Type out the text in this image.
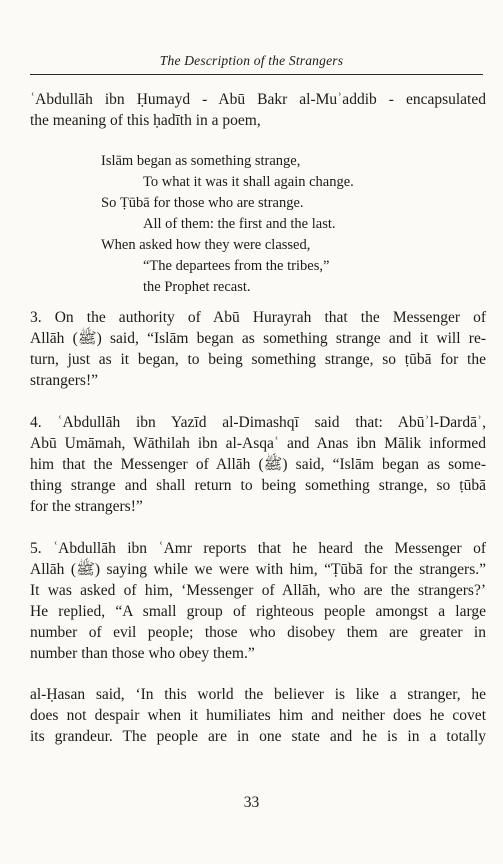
The Description of the Strangers
ʿAbdullāh ibn Ḥumayd - Abū Bakr al-Muʾaddib - encapsulated
the meaning of this ḥadīth in a poem,
Islām began as something strange,
To what it was it shall again change.
So Ṭūbā for those who are strange.
All of them: the first and the last.
When asked how they were classed,
“The departees from the tribes,”
the Prophet recast.
3. On the authority of Abū Hurayrah that the Messenger of
Allāh (ﷺ) said, “Islām began as something strange and it will re-
turn, just as it began, to being something strange, so ṭūbā for the
strangers!”
4. ʿAbdullāh ibn Yazīd al-Dimashqī said that: Abūʾl-Dardāʾ,
Abū Umāmah, Wāthilah ibn al-Asqaʿ and Anas ibn Mālik informed
him that the Messenger of Allāh (ﷺ) said, “Islām began as some-
thing strange and shall return to being something strange, so ṭūbā
for the strangers!”
5. ʿAbdullāh ibn ʿAmr reports that he heard the Messenger of
Allāh (ﷺ) saying while we were with him, “Ṭūbā for the strangers.”
It was asked of him, ‘Messenger of Allāh, who are the strangers?’
He replied, “A small group of righteous people amongst a large
number of evil people; those who disobey them are greater in
number than those who obey them.”
al-Ḥasan said, ‘In this world the believer is like a stranger, he
does not despair when it humiliates him and neither does he covet
its grandeur. The people are in one state and he is in a totally
33
